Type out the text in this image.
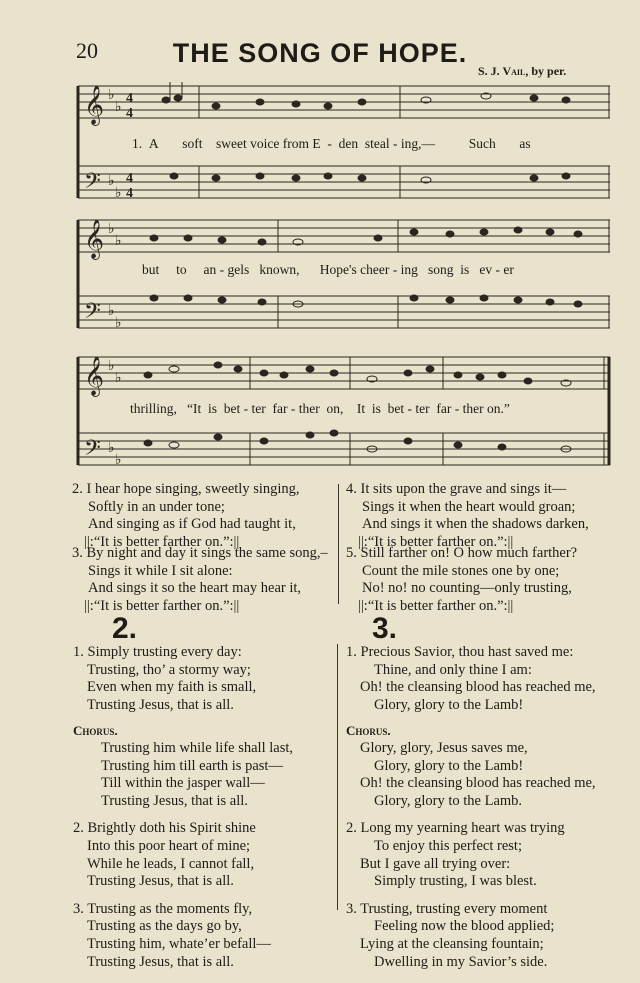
20	THE SONG OF HOPE.
S. J. Vail, by per.
𝄞
𝄢
♭
♭
♭
♭
4
4
4
4
1. A soft sweet voice from E - den steal - ing,—	Such as
𝄞
𝄢
♭
♭
♭
♭
but to an - gels known, Hope's cheer - ing song is ev - er
𝄞
𝄢
♭
♭
♭
♭
thrilling, “It is bet - ter far - ther on, It is bet - ter far - ther on.”
2. I hear hope singing, sweetly singing,
Softly in an under tone;
And singing as if God had taught it,
||:“It is better farther on.”:||
3. By night and day it sings the same song,–
Sings it while I sit alone:
And sings it so the heart may hear it,
||:“It is better farther on.”:||
4. It sits upon the grave and sings it—
Sings it when the heart would groan;
And sings it when the shadows darken,
||:“It is better farther on.”:||
5. Still farther on! O how much farther?
Count the mile stones one by one;
No! no! no counting—only trusting,
||:“It is better farther on.”:||
2.
1. Simply trusting every day:
Trusting, tho’ a stormy way;
Even when my faith is small,
Trusting Jesus, that is all.
Chorus.
Trusting him while life shall last,
Trusting him till earth is past—
Till within the jasper wall—
Trusting Jesus, that is all.
2. Brightly doth his Spirit shine
Into this poor heart of mine;
While he leads, I cannot fall,
Trusting Jesus, that is all.
3. Trusting as the moments fly,
Trusting as the days go by,
Trusting him, whate’er befall—
Trusting Jesus, that is all.
3.
1. Precious Savior, thou hast saved me:
Thine, and only thine I am:
Oh! the cleansing blood has reached me,
Glory, glory to the Lamb!
Chorus.
Glory, glory, Jesus saves me,
Glory, glory to the Lamb!
Oh! the cleansing blood has reached me,
Glory, glory to the Lamb.
2. Long my yearning heart was trying
To enjoy this perfect rest;
But I gave all trying over:
Simply trusting, I was blest.
3. Trusting, trusting every moment
Feeling now the blood applied;
Lying at the cleansing fountain;
Dwelling in my Savior’s side.
